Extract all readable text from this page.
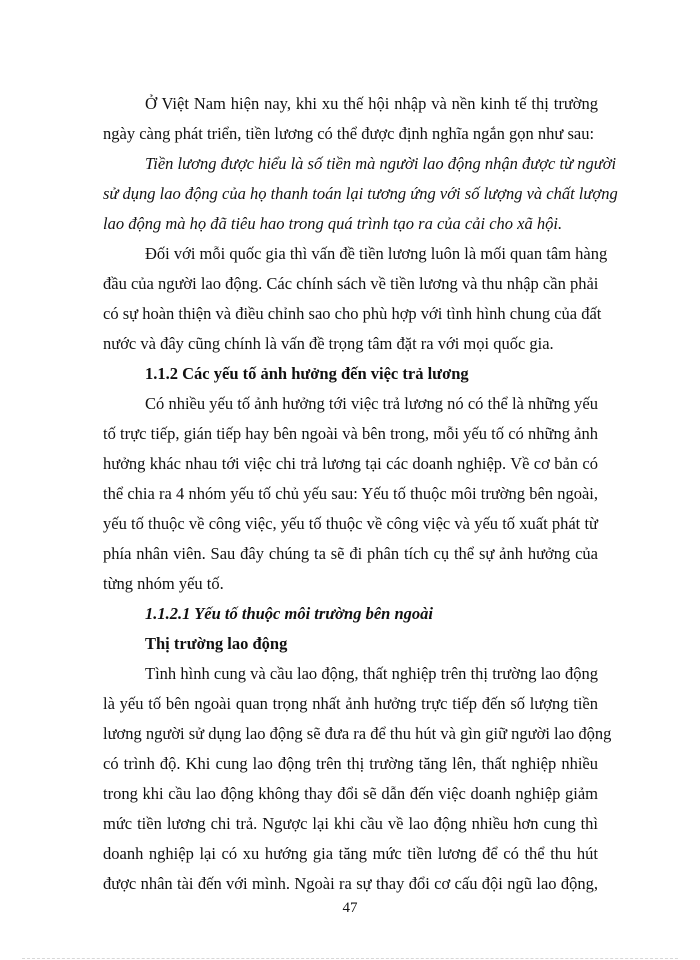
Ở Việt Nam hiện nay, khi xu thế hội nhập và nền kinh tế thị trường
ngày càng phát triển, tiền lương có thể được định nghĩa ngắn gọn như sau:
Tiền lương được hiểu là số tiền mà người lao động nhận được từ người
sử dụng lao động của họ thanh toán lại tương ứng với số lượng và chất lượng
lao động mà họ đã tiêu hao trong quá trình tạo ra của cải cho xã hội.
Đối với mỗi quốc gia thì vấn đề tiền lương luôn là mối quan tâm hàng
đầu của người lao động. Các chính sách về tiền lương và thu nhập cần phải
có sự hoàn thiện và điều chỉnh sao cho phù hợp với tình hình chung của đất
nước và đây cũng chính là vấn đề trọng tâm đặt ra với mọi quốc gia.
1.1.2 Các yếu tố ảnh hưởng đến việc trả lương
Có nhiều yếu tố ảnh hưởng tới việc trả lương nó có thể là những yếu
tố trực tiếp, gián tiếp hay bên ngoài và bên trong, mỗi yếu tố có những ảnh
hưởng khác nhau tới việc chi trả lương tại các doanh nghiệp. Về cơ bản có
thể chia ra 4 nhóm yếu tố chủ yếu sau: Yếu tố thuộc môi trường bên ngoài,
yếu tố thuộc về công việc, yếu tố thuộc về công việc và yếu tố xuất phát từ
phía nhân viên. Sau đây chúng ta sẽ đi phân tích cụ thể sự ảnh hưởng của
từng nhóm yếu tố.
1.1.2.1 Yếu tố thuộc môi trường bên ngoài
Thị trường lao động
Tình hình cung và cầu lao động, thất nghiệp trên thị trường lao động
là yếu tố bên ngoài quan trọng nhất ảnh hưởng trực tiếp đến số lượng tiền
lương người sử dụng lao động sẽ đưa ra để thu hút và gìn giữ người lao động
có trình độ. Khi cung lao động trên thị trường tăng lên, thất nghiệp nhiều
trong khi cầu lao động không thay đổi sẽ dẫn đến việc doanh nghiệp giảm
mức tiền lương chi trả. Ngược lại khi cầu về lao động nhiều hơn cung thì
doanh nghiệp lại có xu hướng gia tăng mức tiền lương để có thể thu hút
được nhân tài đến với mình. Ngoài ra sự thay đổi cơ cấu đội ngũ lao động,
47
